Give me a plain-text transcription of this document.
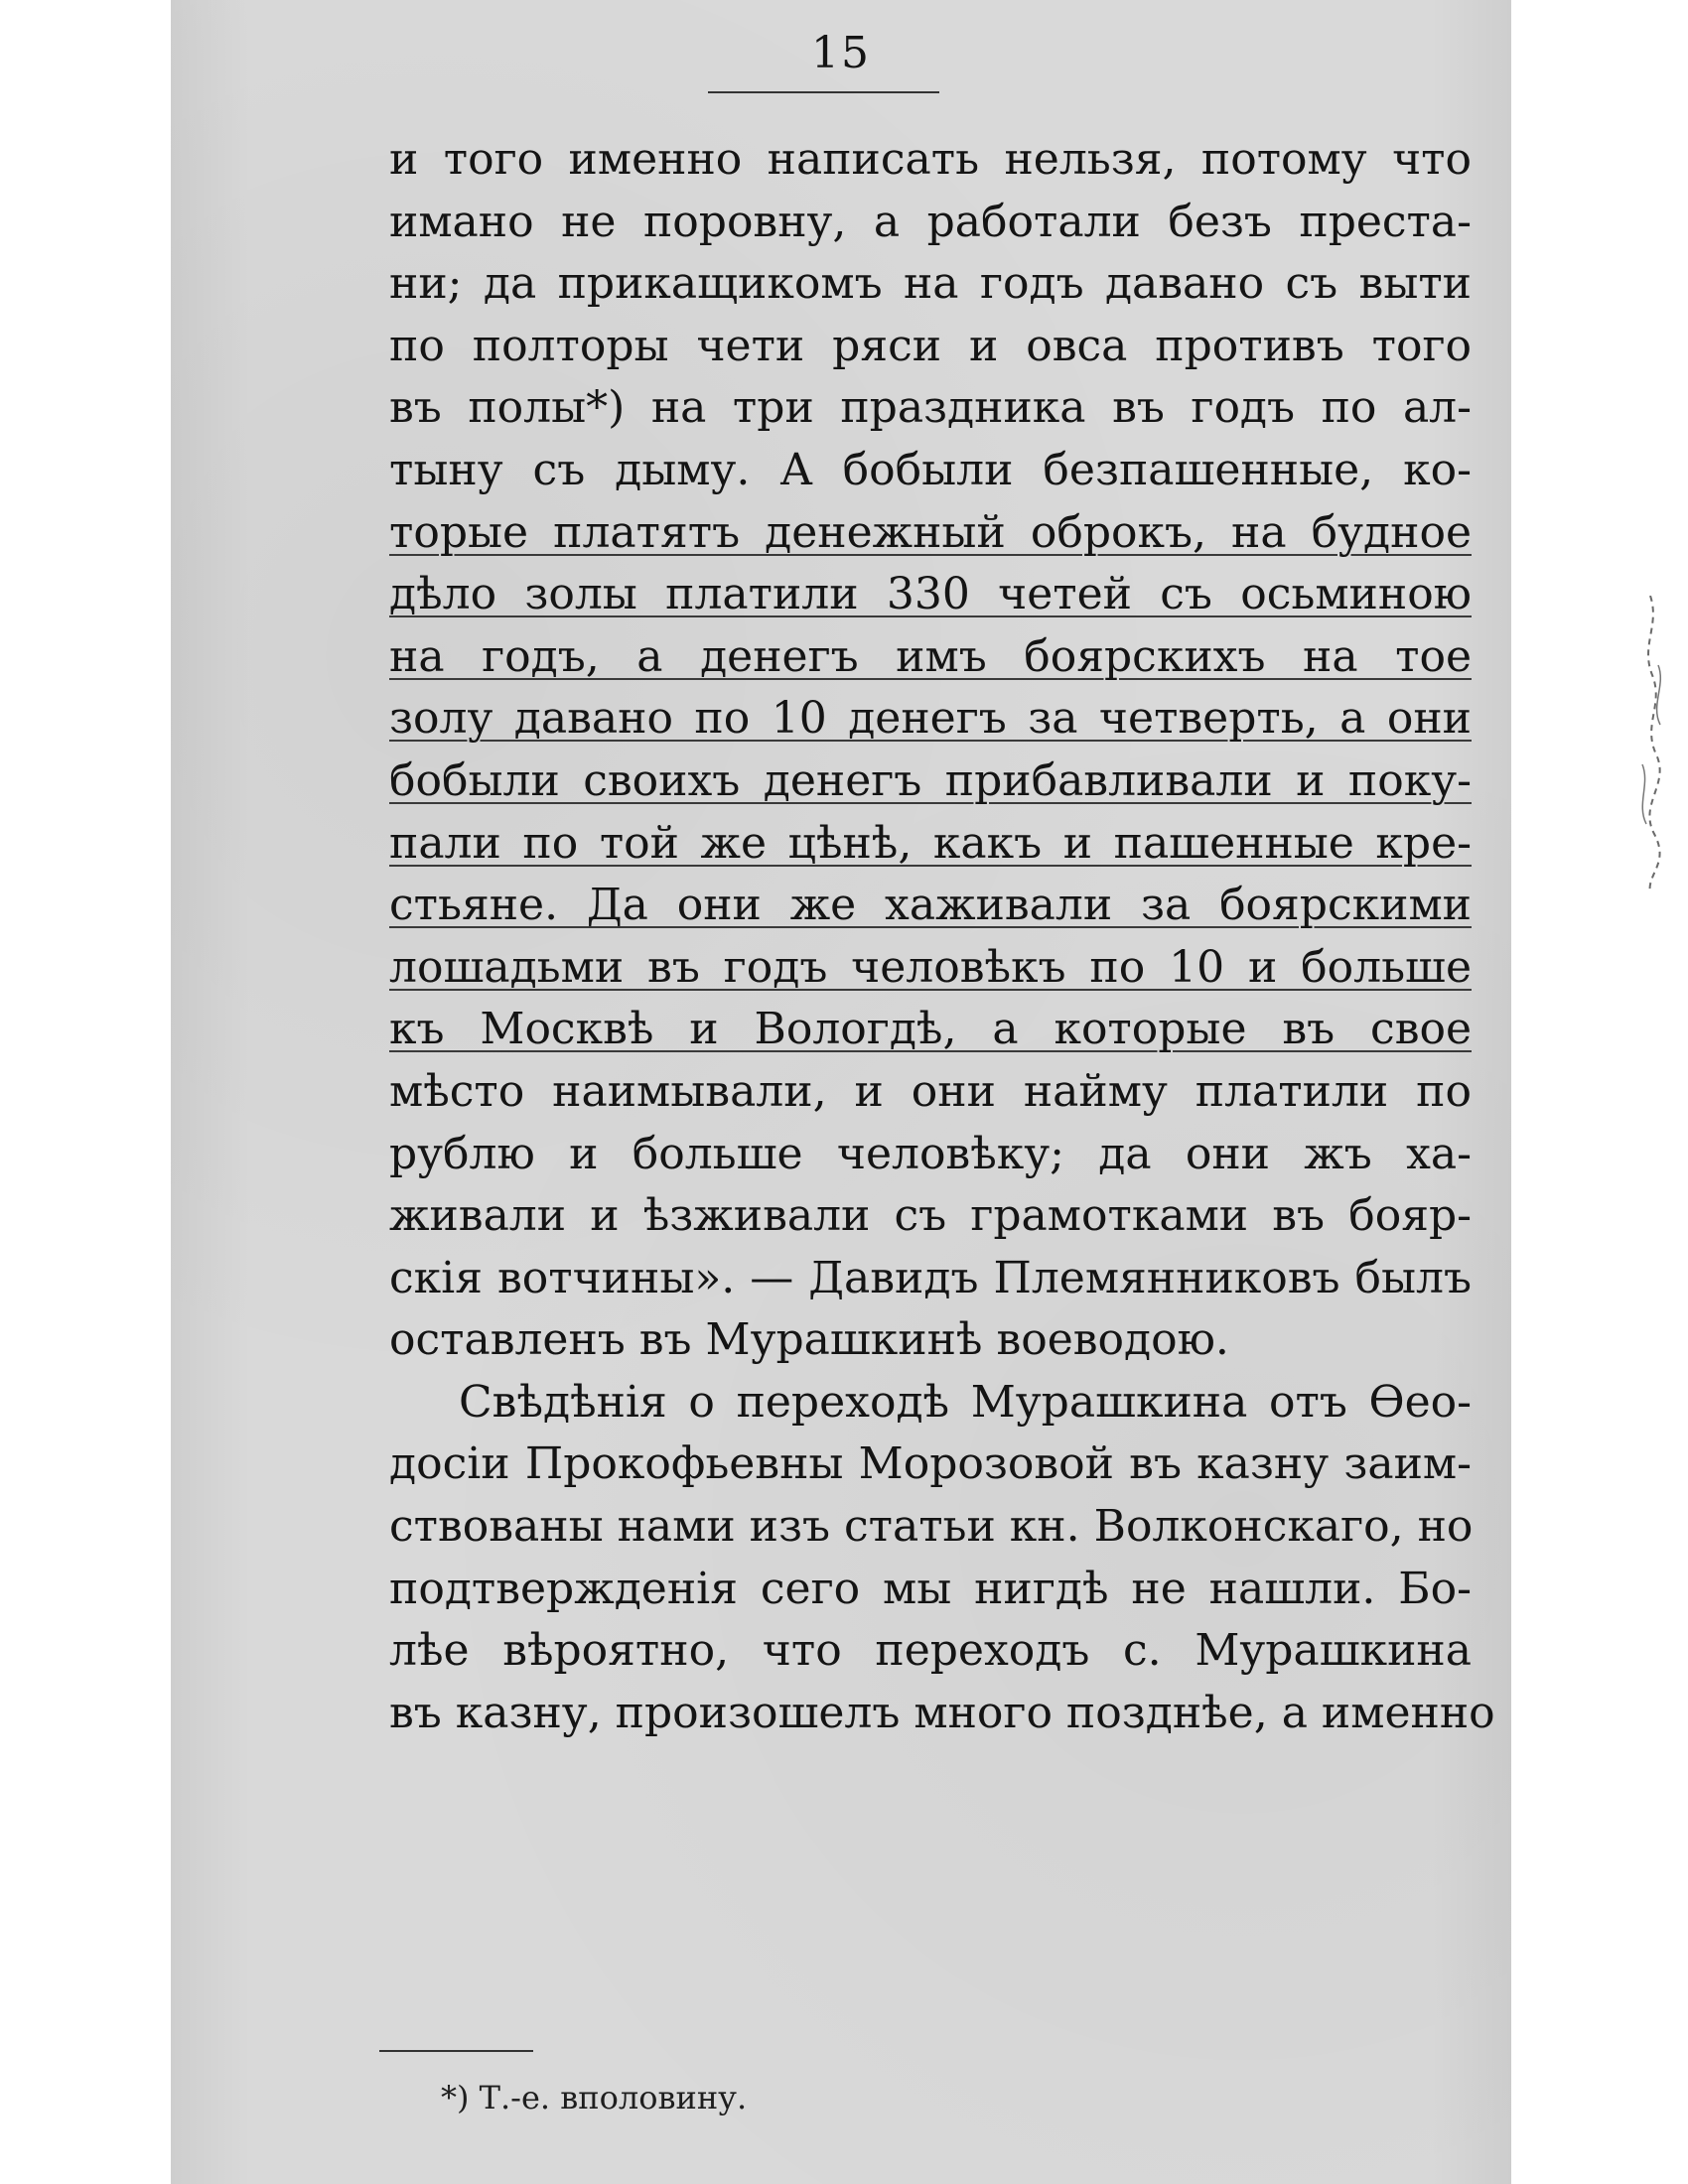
15
и того именно написать нельзя, потому что
имано не поровну, а работали безъ преста-
ни; да прикащикомъ на годъ давано съ выти
по полторы чети ряси и овса противъ того
въ полы*) на три праздника въ годъ по ал-
тыну съ дыму. А бобыли безпашенные, ко-
торые платятъ денежный оброкъ, на будное
дѣло золы платили 330 четей съ осьминою
на годъ, а денегъ имъ боярскихъ на тое
золу давано по 10 денегъ за четверть, а они
бобыли своихъ денегъ прибавливали и поку-
пали по той же цѣнѣ, какъ и пашенные кре-
стьяне. Да они же хаживали за боярскими
лошадьми въ годъ человѣкъ по 10 и больше
къ Москвѣ и Вологдѣ, а которые въ свое
мѣсто наимывали, и они найму платили по
рублю и больше человѣку; да они жъ ха-
живали и ѣзживали съ грамотками въ бояр-
скія вотчины». — Давидъ Племянниковъ былъ
оставленъ въ Мурашкинѣ воеводою.
Свѣдѣнія о переходѣ Мурашкина отъ Ѳео-
досіи Прокофьевны Морозовой въ казну заим-
ствованы нами изъ статьи кн. Волконскаго, но
подтвержденія сего мы нигдѣ не нашли. Бо-
лѣе вѣроятно, что переходъ с. Мурашкина
въ казну, произошелъ много позднѣе, а именно
*) Т.-е. вполовину.
